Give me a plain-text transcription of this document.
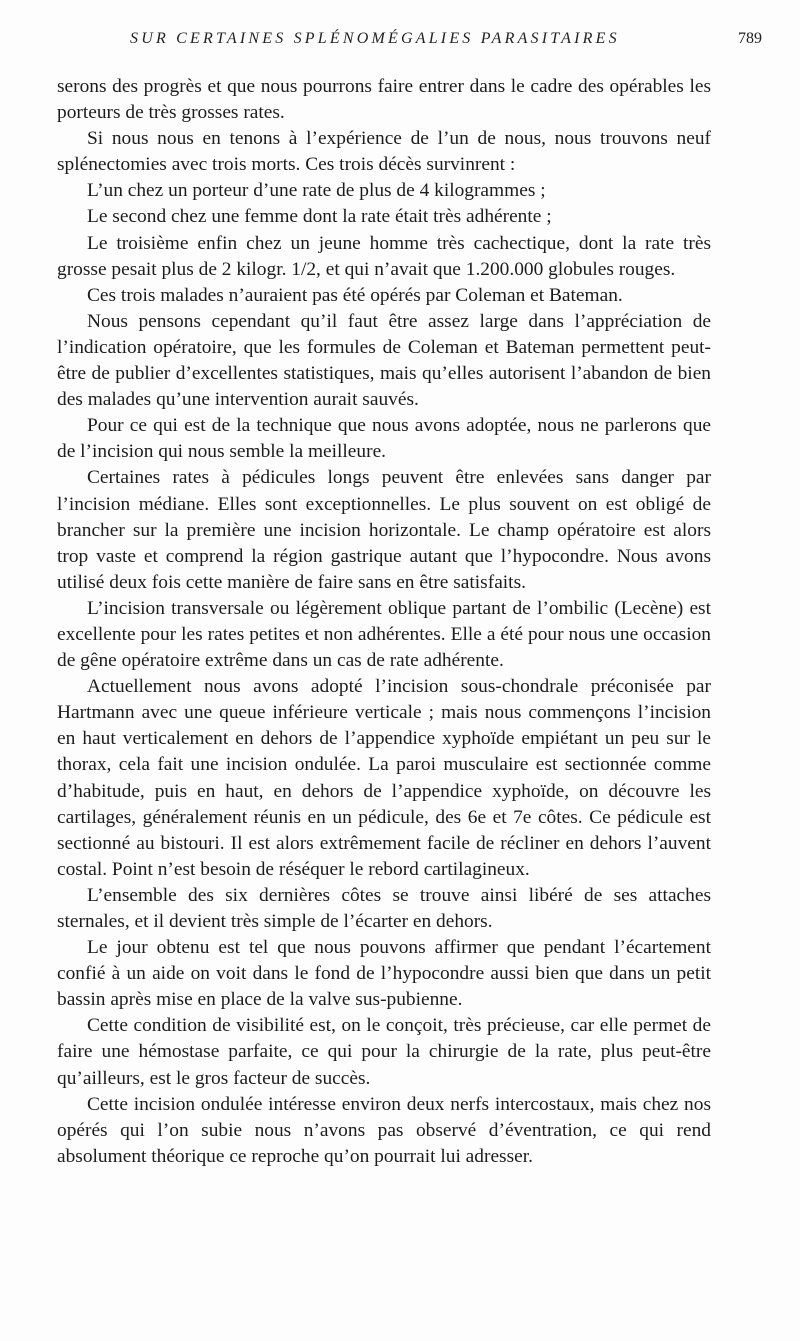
SUR CERTAINES SPLÉNOMÉGALIES PARASITAIRES	789

serons des progrès et que nous pourrons faire entrer dans le cadre des opérables les porteurs de très grosses rates.

Si nous nous en tenons à l’expérience de l’un de nous, nous trouvons neuf splénectomies avec trois morts. Ces trois décès survinrent :

L’un chez un porteur d’une rate de plus de 4 kilogrammes ;

Le second chez une femme dont la rate était très adhérente ;

Le troisième enfin chez un jeune homme très cachectique, dont la rate très grosse pesait plus de 2 kilogr. 1/2, et qui n’avait que 1.200.000 globules rouges.

Ces trois malades n’auraient pas été opérés par Coleman et Bateman.

Nous pensons cependant qu’il faut être assez large dans l’appréciation de l’indication opératoire, que les formules de Coleman et Bateman permettent peut-être de publier d’excellentes statistiques, mais qu’elles autorisent l’abandon de bien des malades qu’une intervention aurait sauvés.

Pour ce qui est de la technique que nous avons adoptée, nous ne parlerons que de l’incision qui nous semble la meilleure.

Certaines rates à pédicules longs peuvent être enlevées sans danger par l’incision médiane. Elles sont exceptionnelles. Le plus souvent on est obligé de brancher sur la première une incision horizontale. Le champ opératoire est alors trop vaste et comprend la région gastrique autant que l’hypocondre. Nous avons utilisé deux fois cette manière de faire sans en être satisfaits.

L’incision transversale ou légèrement oblique partant de l’ombilic (Lecène) est excellente pour les rates petites et non adhérentes. Elle a été pour nous une occasion de gêne opératoire extrême dans un cas de rate adhérente.

Actuellement nous avons adopté l’incision sous-chondrale préconisée par Hartmann avec une queue inférieure verticale ; mais nous commençons l’incision en haut verticalement en dehors de l’appendice xyphoïde empiétant un peu sur le thorax, cela fait une incision ondulée. La paroi musculaire est sectionnée comme d’habitude, puis en haut, en dehors de l’appendice xyphoïde, on découvre les cartilages, généralement réunis en un pédicule, des 6e et 7e côtes. Ce pédicule est sectionné au bistouri. Il est alors extrêmement facile de récliner en dehors l’auvent costal. Point n’est besoin de réséquer le rebord cartilagineux.

L’ensemble des six dernières côtes se trouve ainsi libéré de ses attaches sternales, et il devient très simple de l’écarter en dehors.

Le jour obtenu est tel que nous pouvons affirmer que pendant l’écartement confié à un aide on voit dans le fond de l’hypocondre aussi bien que dans un petit bassin après mise en place de la valve sus-pubienne.

Cette condition de visibilité est, on le conçoit, très précieuse, car elle permet de faire une hémostase parfaite, ce qui pour la chirurgie de la rate, plus peut-être qu’ailleurs, est le gros facteur de succès.

Cette incision ondulée intéresse environ deux nerfs intercostaux, mais chez nos opérés qui l’on subie nous n’avons pas observé d’éventration, ce qui rend absolument théorique ce reproche qu’on pourrait lui adresser.
